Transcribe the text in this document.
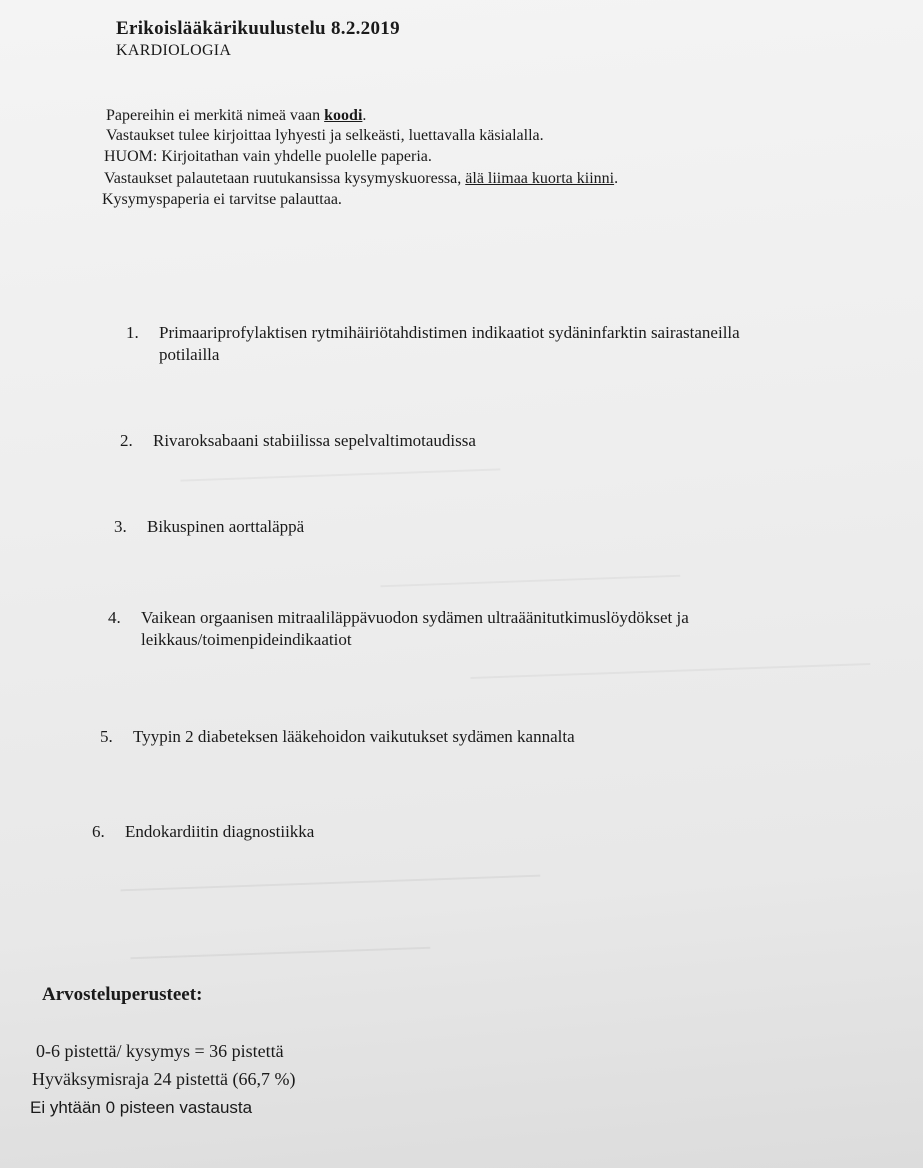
Erikoislääkärikuulustelu 8.2.2019
KARDIOLOGIA
Papereihin ei merkitä nimeä vaan koodi.
Vastaukset tulee kirjoittaa lyhyesti ja selkeästi, luettavalla käsialalla.
HUOM: Kirjoitathan vain yhdelle puolelle paperia.
Vastaukset palautetaan ruutukansissa kysymyskuoressa, älä liimaa kuorta kiinni.
Kysymyspaperia ei tarvitse palauttaa.
1. Primaariprofylaktisen rytmihäiriötahdistimen indikaatiot sydäninfarktin sairastaneilla
potilailla
2. Rivaroksabaani stabiilissa sepelvaltimotaudissa
3. Bikuspinen aorttaläppä
4. Vaikean orgaanisen mitraaliläppävuodon sydämen ultraäänitutkimuslöydökset ja
leikkaus/toimenpideindikaatiot
5. Tyypin 2 diabeteksen lääkehoidon vaikutukset sydämen kannalta
6. Endokardiitin diagnostiikka
Arvosteluperusteet:
0-6 pistettä/ kysymys = 36 pistettä
Hyväksymisraja 24 pistettä (66,7 %)
Ei yhtään 0 pisteen vastausta
